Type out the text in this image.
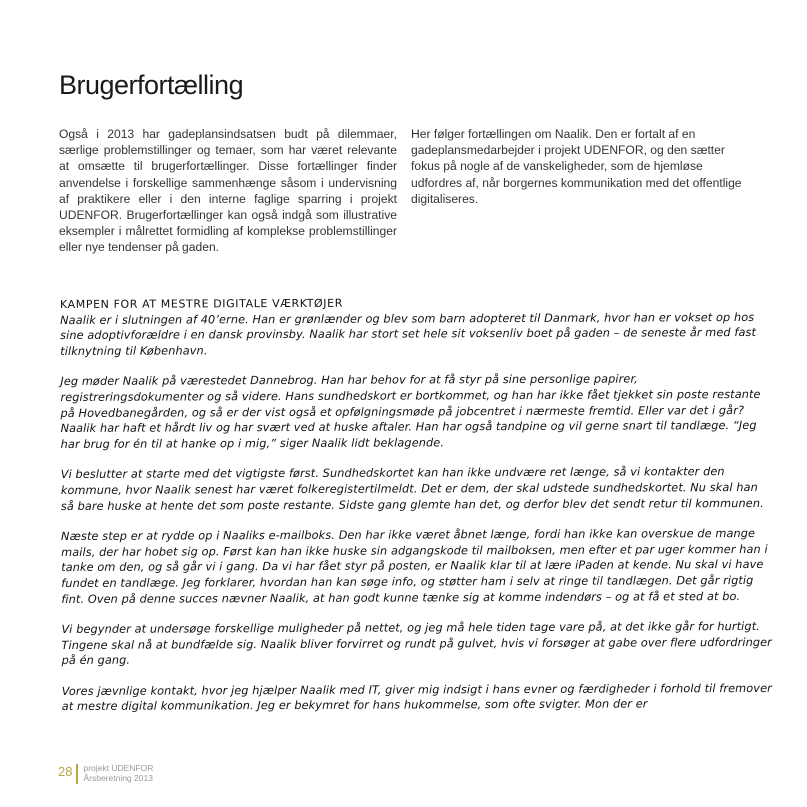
Brugerfortælling

Også i 2013 har gadeplansindsatsen budt på dilemmaer, særlige problemstillinger og temaer, som har været relevante at omsætte til brugerfortællinger. Disse fortællinger finder anvendelse i forskellige sammenhænge såsom i undervisning af praktikere eller i den interne faglige sparring i projekt UDENFOR. Brugerfortællinger kan også indgå som illustrative eksempler i målrettet formidling af komplekse problemstillinger eller nye tendenser på gaden.

Her følger fortællingen om Naalik. Den er fortalt af en gadeplansmedarbejder i projekt UDENFOR, og den sætter fokus på nogle af de vanskeligheder, som de hjemløse udfordres af, når borgernes kommunikation med det offentlige digitaliseres.

KAMPEN FOR AT MESTRE DIGITALE VÆRKTØJER

Naalik er i slutningen af 40’erne. Han er grønlænder og blev som barn adopteret til Danmark, hvor han er vokset op hos sine adoptivforældre i en dansk provinsby. Naalik har stort set hele sit voksenliv boet på gaden – de seneste år med fast tilknytning til København.

Jeg møder Naalik på værestedet Dannebrog. Han har behov for at få styr på sine personlige papirer, registreringsdokumenter og så videre. Hans sundhedskort er bortkommet, og han har ikke fået tjekket sin poste restante på Hovedbanegården, og så er der vist også et opfølgningsmøde på jobcentret i nærmeste fremtid. Eller var det i går? Naalik har haft et hårdt liv og har svært ved at huske aftaler. Han har også tandpine og vil gerne snart til tandlæge. “Jeg har brug for én til at hanke op i mig,” siger Naalik lidt beklagende.

Vi beslutter at starte med det vigtigste først. Sundhedskortet kan han ikke undvære ret længe, så vi kontakter den kommune, hvor Naalik senest har været folkeregistertilmeldt. Det er dem, der skal udstede sundhedskortet. Nu skal han så bare huske at hente det som poste restante. Sidste gang glemte han det, og derfor blev det sendt retur til kommunen.

Næste step er at rydde op i Naaliks e-mailboks. Den har ikke været åbnet længe, fordi han ikke kan overskue de mange mails, der har hobet sig op. Først kan han ikke huske sin adgangskode til mailboksen, men efter et par uger kommer han i tanke om den, og så går vi i gang. Da vi har fået styr på posten, er Naalik klar til at lære iPaden at kende. Nu skal vi have fundet en tandlæge. Jeg forklarer, hvordan han kan søge info, og støtter ham i selv at ringe til tandlægen. Det går rigtig fint. Oven på denne succes nævner Naalik, at han godt kunne tænke sig at komme indendørs – og at få et sted at bo.

Vi begynder at undersøge forskellige muligheder på nettet, og jeg må hele tiden tage vare på, at det ikke går for hurtigt. Tingene skal nå at bundfælde sig. Naalik bliver forvirret og rundt på gulvet, hvis vi forsøger at gabe over flere udfordringer på én gang.

Vores jævnlige kontakt, hvor jeg hjælper Naalik med IT, giver mig indsigt i hans evner og færdigheder i forhold til fremover at mestre digital kommunikation. Jeg er bekymret for hans hukommelse, som ofte svigter. Mon der er

28 projekt UDENFOR
Årsberetning 2013
